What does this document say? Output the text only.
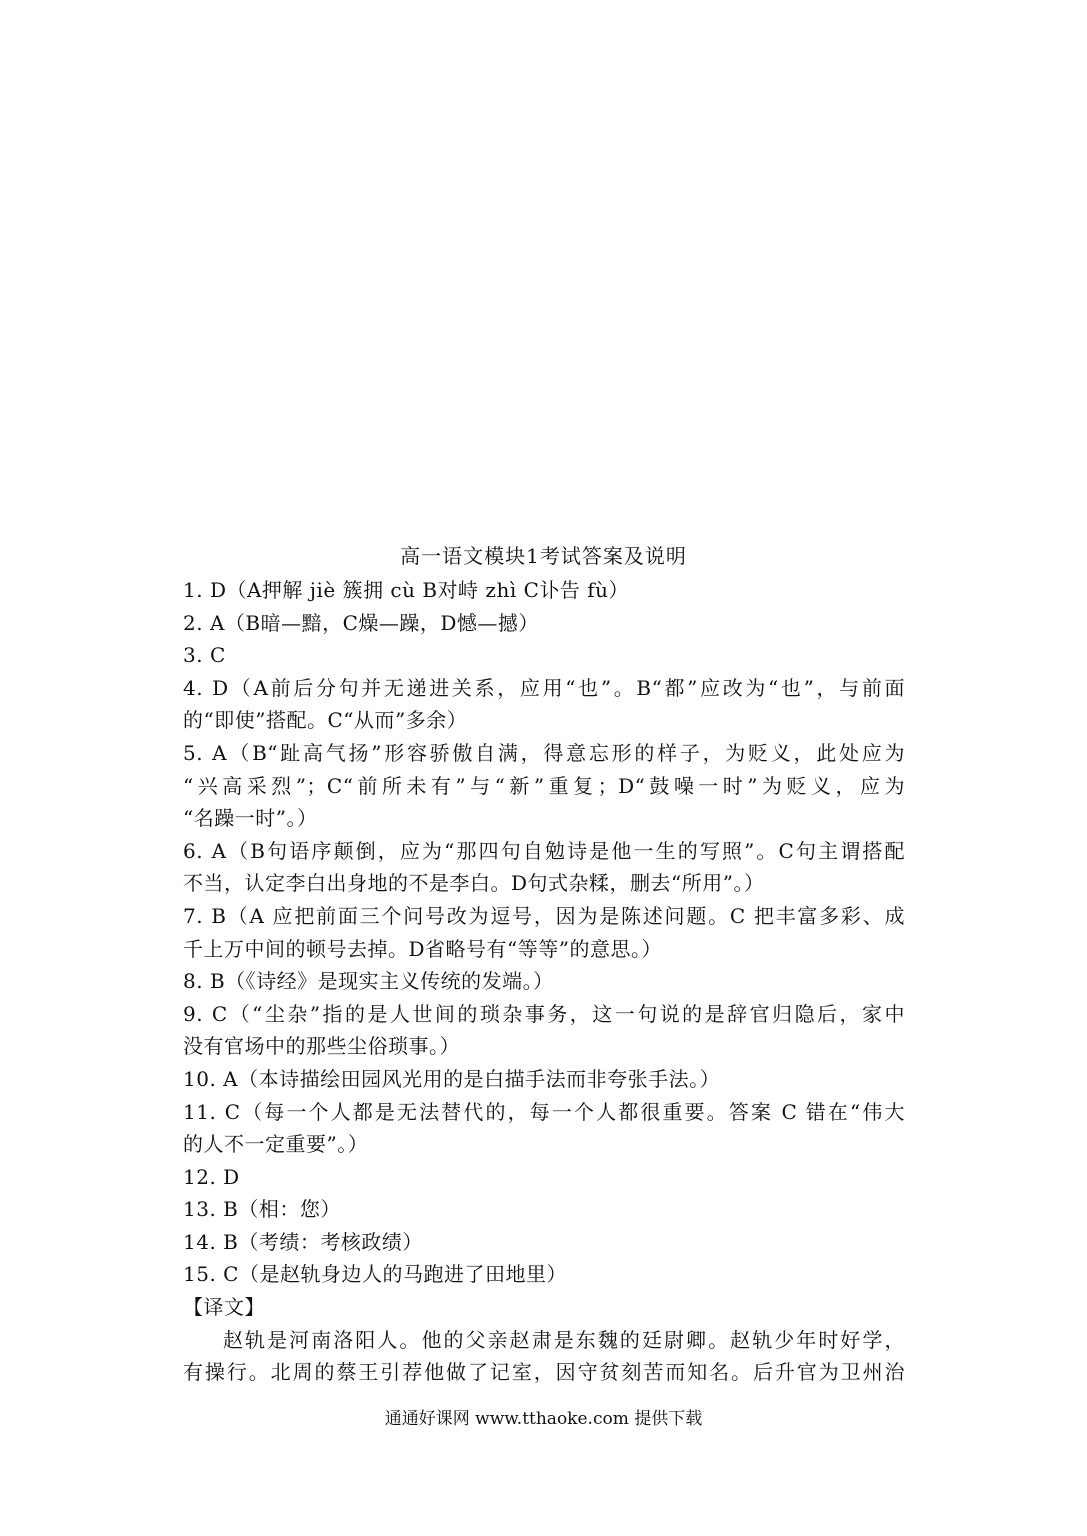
高一语文模块1考试答案及说明
1. D（A押解 jiè 簇拥 cù B对峙 zhì C讣告 fù）
2. A（B暗—黯，C燥—躁，D憾—撼）
3. C
4. D（A前后分句并无递进关系，应用“也”。B“都”应改为“也”，与前面
的“即使”搭配。C“从而”多余）
5. A（B“趾高气扬”形容骄傲自满，得意忘形的样子，为贬义，此处应为
“兴高采烈”；C“前所未有”与“新”重复；D“鼓噪一时”为贬义，应为
“名躁一时”。）
6. A（B句语序颠倒，应为“那四句自勉诗是他一生的写照”。C句主谓搭配
不当，认定李白出身地的不是李白。D句式杂糅，删去“所用”。）
7. B（A 应把前面三个问号改为逗号，因为是陈述问题。C 把丰富多彩、成
千上万中间的顿号去掉。D省略号有“等等”的意思。）
8. B（《诗经》是现实主义传统的发端。）
9. C（“尘杂”指的是人世间的琐杂事务，这一句说的是辞官归隐后，家中
没有官场中的那些尘俗琐事。）
10. A（本诗描绘田园风光用的是白描手法而非夸张手法。）
11. C（每一个人都是无法替代的，每一个人都很重要。答案 C 错在“伟大
的人不一定重要”。）
12. D
13. B（相：您）
14. B（考绩：考核政绩）
15. C（是赵轨身边人的马跑进了田地里）
【译文】
赵轨是河南洛阳人。他的父亲赵肃是东魏的廷尉卿。赵轨少年时好学，
有操行。北周的蔡王引荐他做了记室，因守贫刻苦而知名。后升官为卫州治
通通好课网 www.tthaoke.com 提供下载
